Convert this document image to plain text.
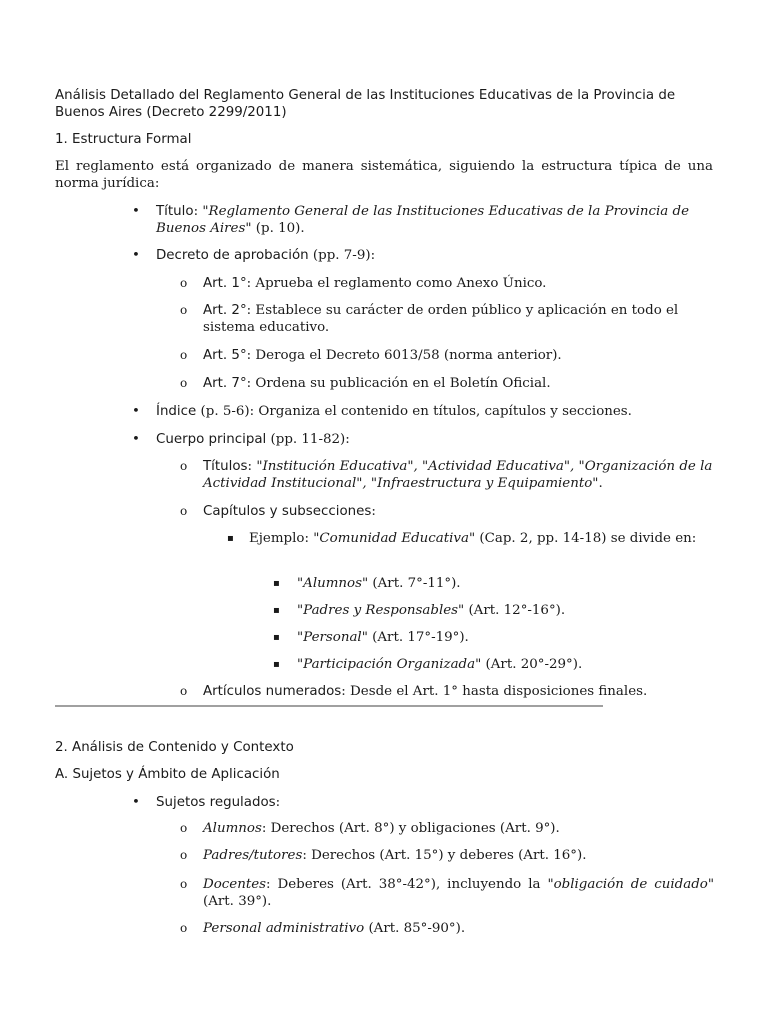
Análisis Detallado del Reglamento General de las Instituciones Educativas de la Provincia de Buenos Aires (Decreto 2299/2011)

1. Estructura Formal

El reglamento está organizado de manera sistemática, siguiendo la estructura típica de una norma jurídica:

• Título: "Reglamento General de las Instituciones Educativas de la Provincia de Buenos Aires" (p. 10).

• Decreto de aprobación (pp. 7-9):

o Art. 1°: Aprueba el reglamento como Anexo Único.

o Art. 2°: Establece su carácter de orden público y aplicación en todo el sistema educativo.

o Art. 5°: Deroga el Decreto 6013/58 (norma anterior).

o Art. 7°: Ordena su publicación en el Boletín Oficial.

• Índice (p. 5-6): Organiza el contenido en títulos, capítulos y secciones.

• Cuerpo principal (pp. 11-82):

o Títulos: "Institución Educativa", "Actividad Educativa", "Organización de la Actividad Institucional", "Infraestructura y Equipamiento".

o Capítulos y subsecciones:

▪ Ejemplo: "Comunidad Educativa" (Cap. 2, pp. 14-18) se divide en:

▪ "Alumnos" (Art. 7°-11°).

▪ "Padres y Responsables" (Art. 12°-16°).

▪ "Personal" (Art. 17°-19°).

▪ "Participación Organizada" (Art. 20°-29°).

o Artículos numerados: Desde el Art. 1° hasta disposiciones finales.

2. Análisis de Contenido y Contexto

A. Sujetos y Ámbito de Aplicación

• Sujetos regulados:

o Alumnos: Derechos (Art. 8°) y obligaciones (Art. 9°).

o Padres/tutores: Derechos (Art. 15°) y deberes (Art. 16°).

o Docentes: Deberes (Art. 38°-42°), incluyendo la "obligación de cuidado" (Art. 39°).

o Personal administrativo (Art. 85°-90°).
